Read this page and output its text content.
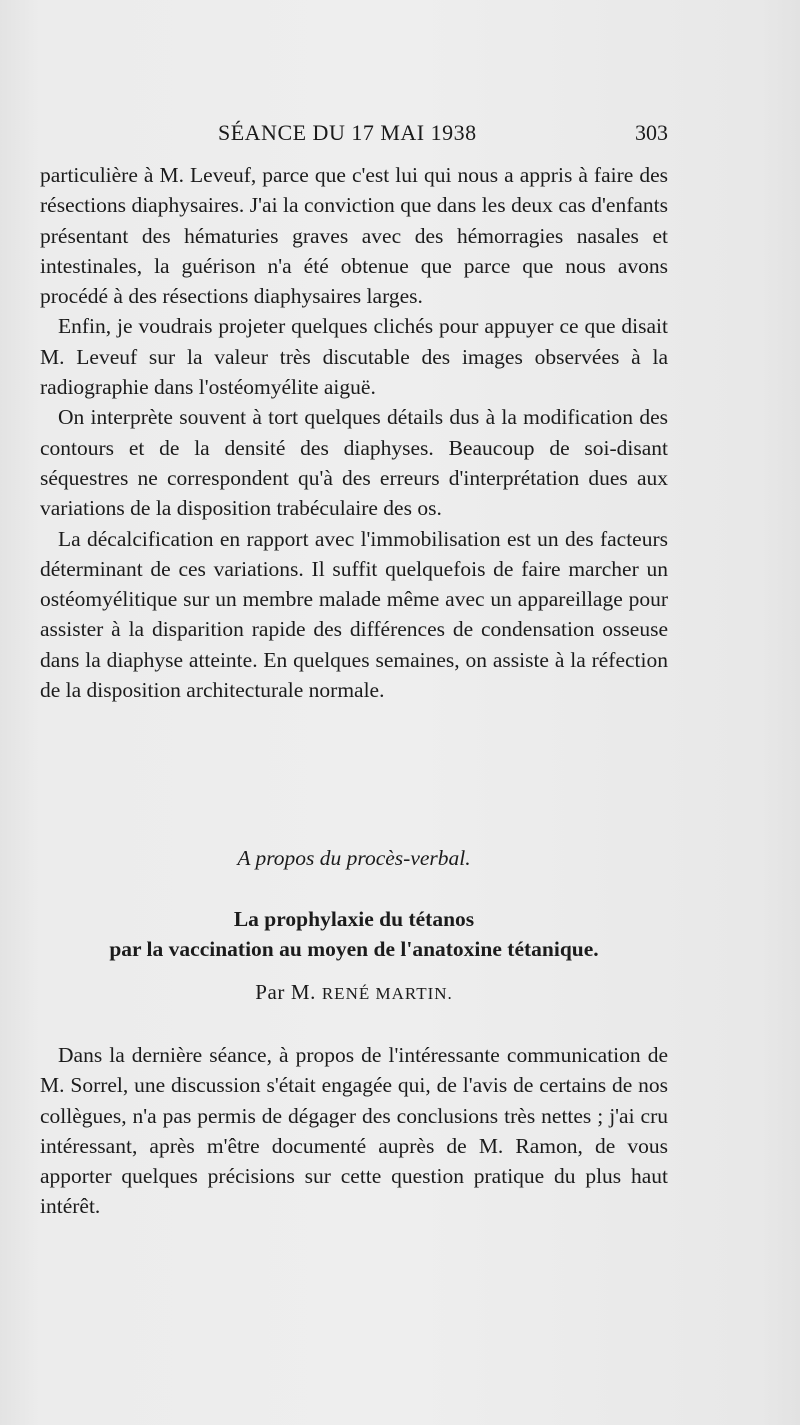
SÉANCE DU 17 MAI 1938	303

particulière à M. Leveuf, parce que c'est lui qui nous a appris à faire des résections diaphysaires. J'ai la conviction que dans les deux cas d'enfants présentant des hématuries graves avec des hémorragies nasales et intestinales, la guérison n'a été obtenue que parce que nous avons procédé à des résections diaphysaires larges.

Enfin, je voudrais projeter quelques clichés pour appuyer ce que disait M. Leveuf sur la valeur très discutable des images observées à la radiographie dans l'ostéomyélite aiguë.

On interprète souvent à tort quelques détails dus à la modification des contours et de la densité des diaphyses. Beaucoup de soi-disant séquestres ne correspondent qu'à des erreurs d'interprétation dues aux variations de la disposition trabéculaire des os.

La décalcification en rapport avec l'immobilisation est un des facteurs déterminant de ces variations. Il suffit quelquefois de faire marcher un ostéomyélitique sur un membre malade même avec un appareillage pour assister à la disparition rapide des différences de condensation osseuse dans la diaphyse atteinte. En quelques semaines, on assiste à la réfection de la disposition architecturale normale.

A propos du procès-verbal.
La prophylaxie du tétanos
par la vaccination au moyen de l'anatoxine tétanique.
Par M. RENÉ MARTIN.

Dans la dernière séance, à propos de l'intéressante communication de M. Sorrel, une discussion s'était engagée qui, de l'avis de certains de nos collègues, n'a pas permis de dégager des conclusions très nettes ; j'ai cru intéressant, après m'être documenté auprès de M. Ramon, de vous apporter quelques précisions sur cette question pratique du plus haut intérêt.
